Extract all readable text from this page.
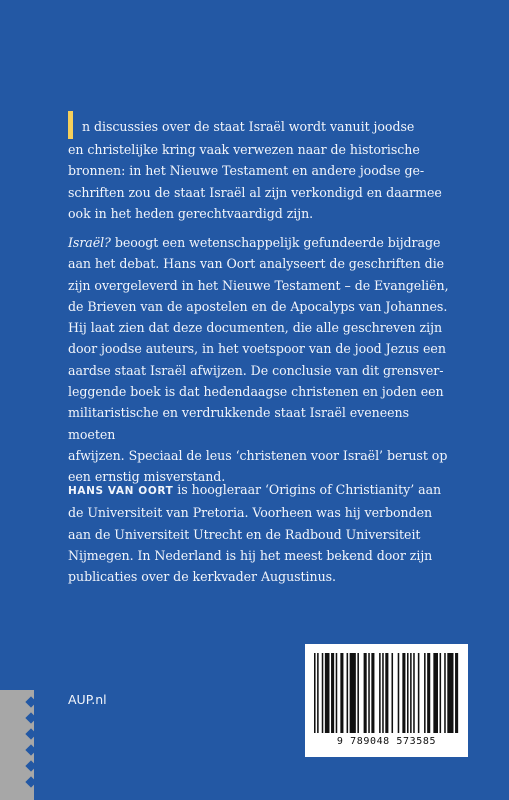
n discussies over de staat Israël wordt vanuit joodse
en christelijke kring vaak verwezen naar de historische
bronnen: in het Nieuwe Testament en andere joodse ge-
schriften zou de staat Israël al zijn verkondigd en daarmee
ook in het heden gerechtvaardigd zijn.

Israël? beoogt een wetenschappelijk gefundeerde bijdrage
aan het debat. Hans van Oort analyseert de geschriften die
zijn overgeleverd in het Nieuwe Testament – de Evangeliën,
de Brieven van de apostelen en de Apocalyps van Johannes.
Hij laat zien dat deze documenten, die alle geschreven zijn
door joodse auteurs, in het voetspoor van de jood Jezus een
aardse staat Israël afwijzen. De conclusie van dit grensver-
leggende boek is dat hedendaagse christenen en joden een
militaristische en verdrukkende staat Israël eveneens moeten
afwijzen. Speciaal de leus ‘christenen voor Israël’ berust op
een ernstig misverstand.

HANS VAN OORT is hoogleraar ‘Origins of Christianity’ aan
de Universiteit van Pretoria. Voorheen was hij verbonden
aan de Universiteit Utrecht en de Radboud Universiteit
Nijmegen. In Nederland is hij het meest bekend door zijn
publicaties over de kerkvader Augustinus.

AUP.nl
9 789048 573585
